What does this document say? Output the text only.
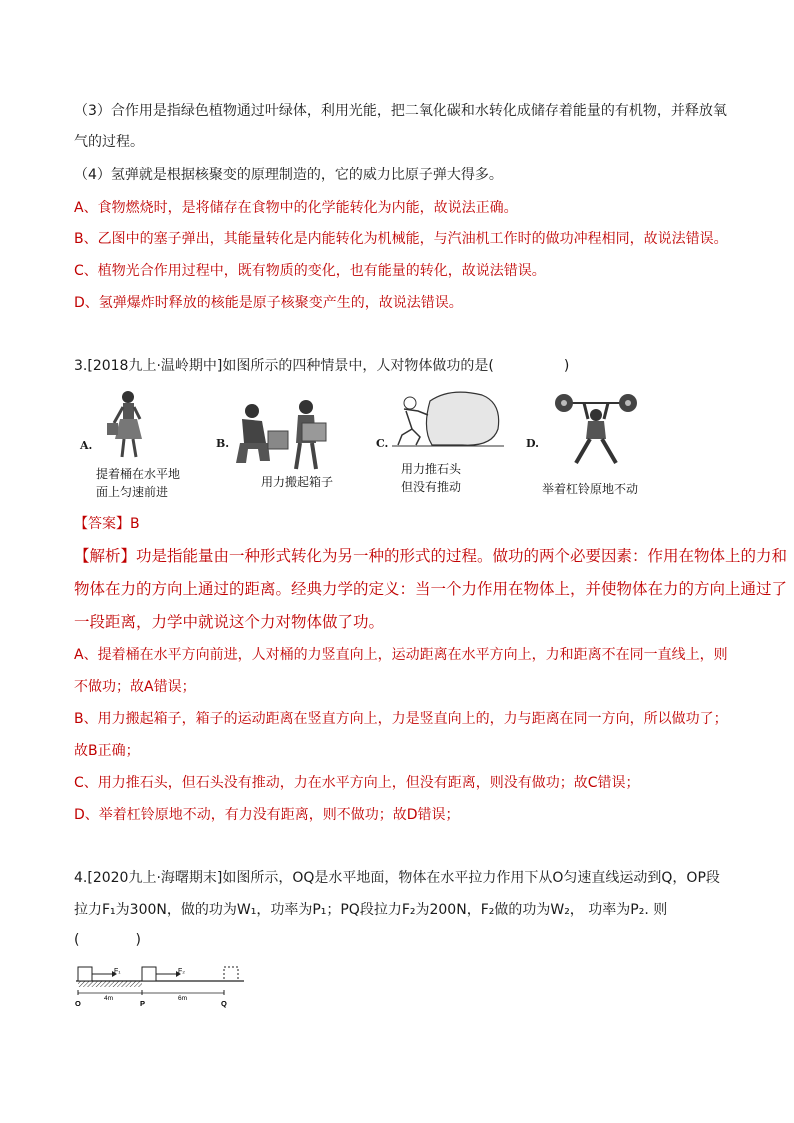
（3）合作用是指绿色植物通过叶绿体，利用光能，把二氧化碳和水转化成储存着能量的有机物，并释放氧
气的过程。
（4）氢弹就是根据核聚变的原理制造的，它的威力比原子弹大得多。
A、食物燃烧时，是将储存在食物中的化学能转化为内能，故说法正确。
B、乙图中的塞子弹出，其能量转化是内能转化为机械能，与汽油机工作时的做功冲程相同，故说法错误。
C、植物光合作用过程中，既有物质的变化，也有能量的转化，故说法错误。
D、氢弹爆炸时释放的核能是原子核聚变产生的，故说法错误。
3.[2018九上·温岭期中]如图所示的四种情景中，人对物体做功的是(　　　　　)
A.
提着桶在水平地
面上匀速前进
B.
用力搬起箱子
C.
用力推石头
但没有推动
D.
举着杠铃原地不动
【答案】B
【解析】功是指能量由一种形式转化为另一种的形式的过程。做功的两个必要因素：作用在物体上的力和
物体在力的方向上通过的距离。经典力学的定义：当一个力作用在物体上，并使物体在力的方向上通过了
一段距离，力学中就说这个力对物体做了功。
A、提着桶在水平方向前进，人对桶的力竖直向上，运动距离在水平方向上，力和距离不在同一直线上，则
不做功；故A错误；
B、用力搬起箱子，箱子的运动距离在竖直方向上，力是竖直向上的，力与距离在同一方向，所以做功了；
故B正确；
C、用力推石头，但石头没有推动，力在水平方向上，但没有距离，则没有做功；故C错误；
D、举着杠铃原地不动，有力没有距离，则不做功；故D错误；
4.[2020九上·海曙期末]如图所示，OQ是水平地面，物体在水平拉力作用下从O匀速直线运动到Q，OP段
拉力F₁为300N，做的功为W₁，功率为P₁；PQ段拉力F₂为200N，F₂做的功为W₂， 功率为P₂. 则
(　　　　)
F₁	F₂
O
4m
P
6m
Q
